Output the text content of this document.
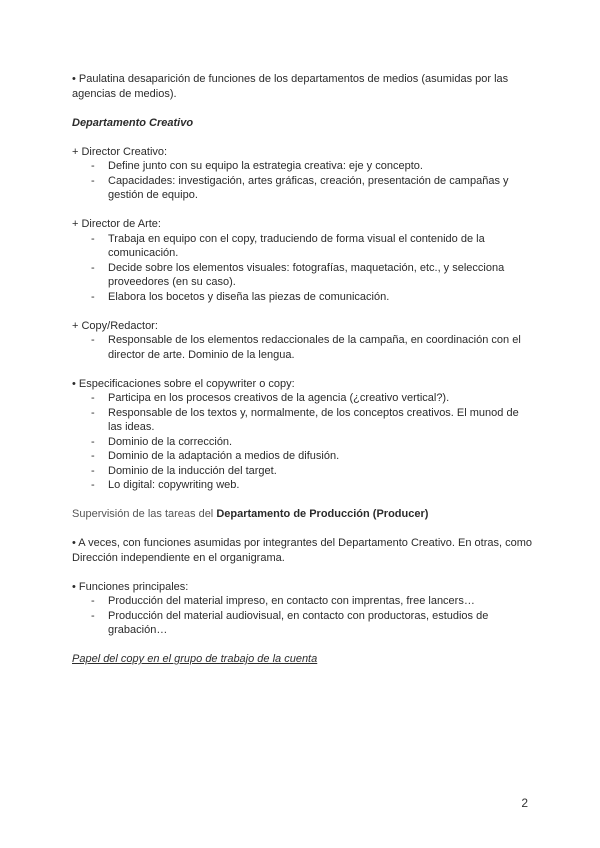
• Paulatina desaparición de funciones de los departamentos de medios (asumidas por las agencias de medios).

Departamento Creativo

+ Director Creativo:

- Define junto con su equipo la estrategia creativa: eje y concepto.
- Capacidades: investigación, artes gráficas, creación, presentación de campañas y gestión de equipo.

+ Director de Arte:

- Trabaja en equipo con el copy, traduciendo de forma visual el contenido de la comunicación.
- Decide sobre los elementos visuales: fotografías, maquetación, etc., y selecciona proveedores (en su caso).
- Elabora los bocetos y diseña las piezas de comunicación.

+ Copy/Redactor:

- Responsable de los elementos redaccionales de la campaña, en coordinación con el director de arte. Dominio de la lengua.

• Especificaciones sobre el copywriter o copy:

- Participa en los procesos creativos de la agencia (¿creativo vertical?).
- Responsable de los textos y, normalmente, de los conceptos creativos. El munod de las ideas.
- Dominio de la corrección.
- Dominio de la adaptación a medios de difusión.
- Dominio de la inducción del target.
- Lo digital: copywriting web.

Supervisión de las tareas del Departamento de Producción (Producer)

• A veces, con funciones asumidas por integrantes del Departamento Creativo. En otras, como Dirección independiente en el organigrama.

• Funciones principales:

- Producción del material impreso, en contacto con imprentas, free lancers…
- Producción del material audiovisual, en contacto con productoras, estudios de grabación…

Papel del copy en el grupo de trabajo de la cuenta

2
